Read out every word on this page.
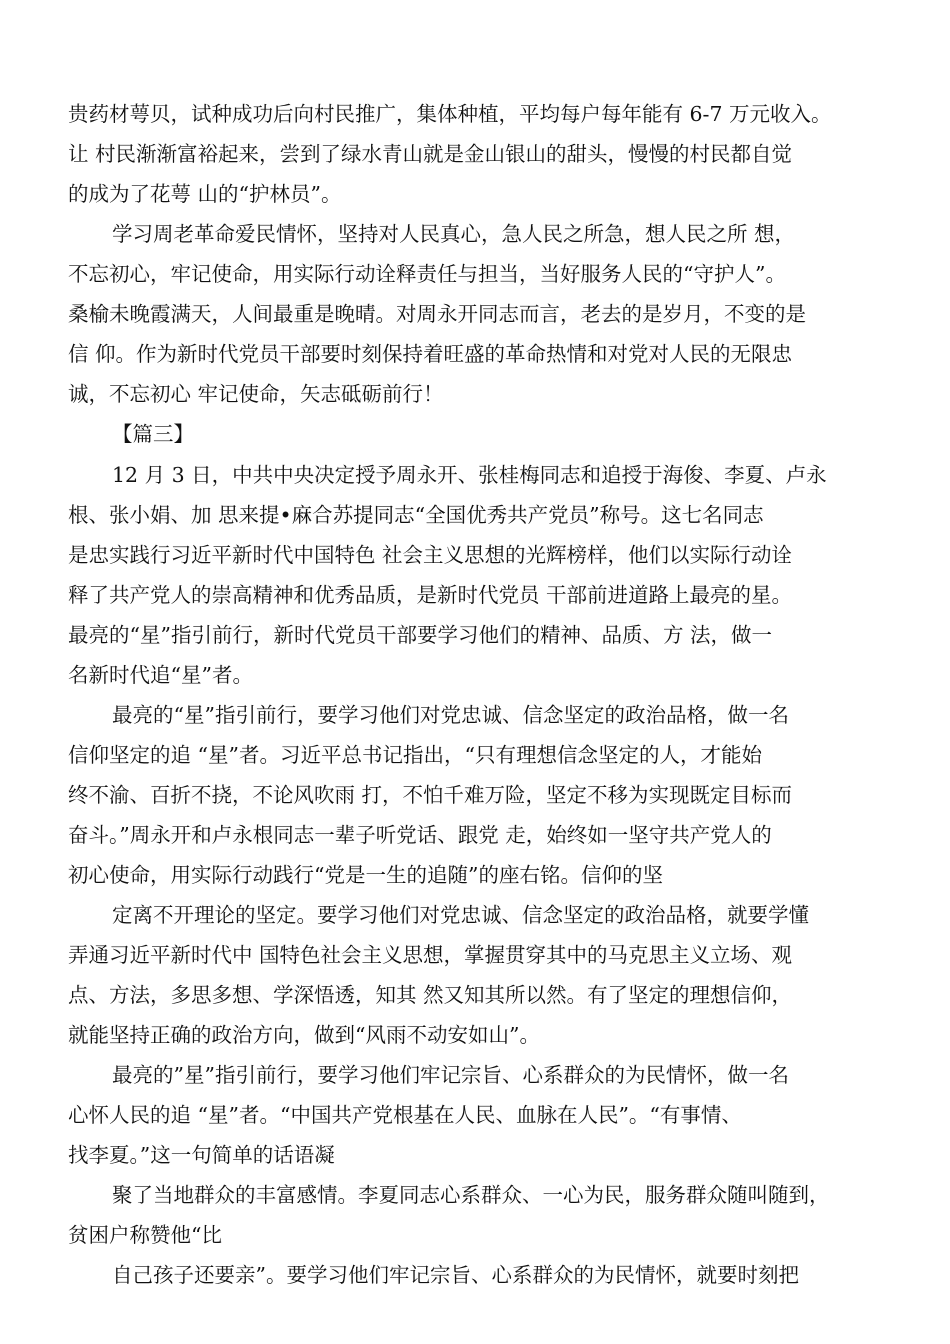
贵药材萼贝，试种成功后向村民推广，集体种植，平均每户每年能有 6-7 万元收入。
让 村民渐渐富裕起来，尝到了绿水青山就是金山银山的甜头，慢慢的村民都自觉
的成为了花萼 山的“护林员”。
学习周老革命爱民情怀，坚持对人民真心，急人民之所急，想人民之所 想，
不忘初心，牢记使命，用实际行动诠释责任与担当，当好服务人民的“守护人”。
桑榆未晚霞满天，人间最重是晚晴。对周永开同志而言，老去的是岁月，不变的是
信 仰。作为新时代党员干部要时刻保持着旺盛的革命热情和对党对人民的无限忠
诚，不忘初心 牢记使命，矢志砥砺前行！
【篇三】
12 月 3 日，中共中央决定授予周永开、张桂梅同志和追授于海俊、李夏、卢永
根、张小娟、加 思来提•麻合苏提同志“全国优秀共产党员”称号。这七名同志
是忠实践行习近平新时代中国特色 社会主义思想的光辉榜样，他们以实际行动诠
释了共产党人的崇高精神和优秀品质，是新时代党员 干部前进道路上最亮的星。
最亮的“星”指引前行，新时代党员干部要学习他们的精神、品质、方 法，做一
名新时代追“星”者。
最亮的“星”指引前行，要学习他们对党忠诚、信念坚定的政治品格，做一名
信仰坚定的追 “星”者。习近平总书记指出，“只有理想信念坚定的人，才能始
终不渝、百折不挠，不论风吹雨 打，不怕千难万险，坚定不移为实现既定目标而
奋斗。”周永开和卢永根同志一辈子听党话、跟党 走，始终如一坚守共产党人的
初心使命，用实际行动践行“党是一生的追随”的座右铭。信仰的坚
定离不开理论的坚定。要学习他们对党忠诚、信念坚定的政治品格，就要学懂
弄通习近平新时代中 国特色社会主义思想，掌握贯穿其中的马克思主义立场、观
点、方法，多思多想、学深悟透，知其 然又知其所以然。有了坚定的理想信仰，
就能坚持正确的政治方向，做到“风雨不动安如山”。
最亮的”星”指引前行，要学习他们牢记宗旨、心系群众的为民情怀，做一名
心怀人民的追 “星”者。“中国共产党根基在人民、血脉在人民”。“有事情、
找李夏。”这一句简单的话语凝
聚了当地群众的丰富感情。李夏同志心系群众、一心为民，服务群众随叫随到，
贫困户称赞他“比
自己孩子还要亲”。要学习他们牢记宗旨、心系群众的为民情怀，就要时刻把
